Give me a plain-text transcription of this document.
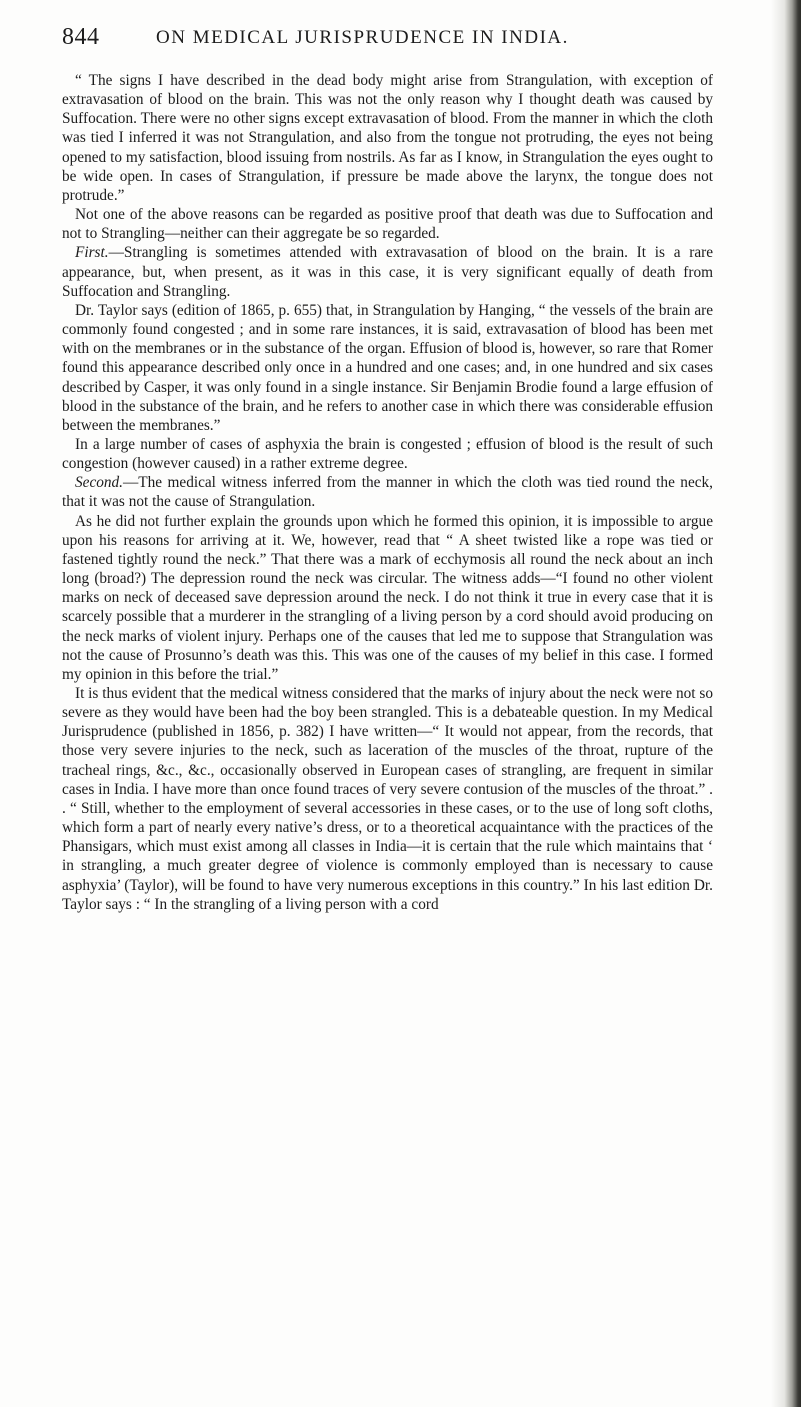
844	ON MEDICAL JURISPRUDENCE IN INDIA.

“ The signs I have described in the dead body might arise from Strangulation, with exception of extravasation of blood on the brain. This was not the only reason why I thought death was caused by Suffocation. There were no other signs except extravasation of blood. From the manner in which the cloth was tied I inferred it was not Strangulation, and also from the tongue not protruding, the eyes not being opened to my satisfaction, blood issuing from nostrils. As far as I know, in Strangulation the eyes ought to be wide open. In cases of Strangulation, if pressure be made above the larynx, the tongue does not protrude.”

Not one of the above reasons can be regarded as positive proof that death was due to Suffocation and not to Strangling—neither can their aggregate be so regarded.

First.—Strangling is sometimes attended with extravasation of blood on the brain. It is a rare appearance, but, when present, as it was in this case, it is very significant equally of death from Suffocation and Strangling.

Dr. Taylor says (edition of 1865, p. 655) that, in Strangulation by Hanging, “ the vessels of the brain are commonly found congested ; and in some rare instances, it is said, extravasation of blood has been met with on the membranes or in the substance of the organ. Effusion of blood is, however, so rare that Romer found this appearance described only once in a hundred and one cases; and, in one hundred and six cases described by Casper, it was only found in a single instance. Sir Benjamin Brodie found a large effusion of blood in the substance of the brain, and he refers to another case in which there was considerable effusion between the membranes.”

In a large number of cases of asphyxia the brain is congested ; effusion of blood is the result of such congestion (however caused) in a rather extreme degree.

Second.—The medical witness inferred from the manner in which the cloth was tied round the neck, that it was not the cause of Strangulation.

As he did not further explain the grounds upon which he formed this opinion, it is impossible to argue upon his reasons for arriving at it. We, however, read that “ A sheet twisted like a rope was tied or fastened tightly round the neck.” That there was a mark of ecchymosis all round the neck about an inch long (broad?) The depression round the neck was circular. The witness adds—“I found no other violent marks on neck of deceased save depression around the neck. I do not think it true in every case that it is scarcely possible that a murderer in the strangling of a living person by a cord should avoid producing on the neck marks of violent injury. Perhaps one of the causes that led me to suppose that Strangulation was not the cause of Prosunno’s death was this. This was one of the causes of my belief in this case. I formed my opinion in this before the trial.”

It is thus evident that the medical witness considered that the marks of injury about the neck were not so severe as they would have been had the boy been strangled. This is a debateable question. In my Medical Jurisprudence (published in 1856, p. 382) I have written—“ It would not appear, from the records, that those very severe injuries to the neck, such as laceration of the muscles of the throat, rupture of the tracheal rings, &c., &c., occasionally observed in European cases of strangling, are frequent in similar cases in India. I have more than once found traces of very severe contusion of the muscles of the throat.” . . “ Still, whether to the employment of several accessories in these cases, or to the use of long soft cloths, which form a part of nearly every native’s dress, or to a theoretical acquaintance with the practices of the Phansigars, which must exist among all classes in India—it is certain that the rule which maintains that ‘ in strangling, a much greater degree of violence is commonly employed than is necessary to cause asphyxia’ (Taylor), will be found to have very numerous exceptions in this country.” In his last edition Dr. Taylor says : “ In the strangling of a living person with a cord
